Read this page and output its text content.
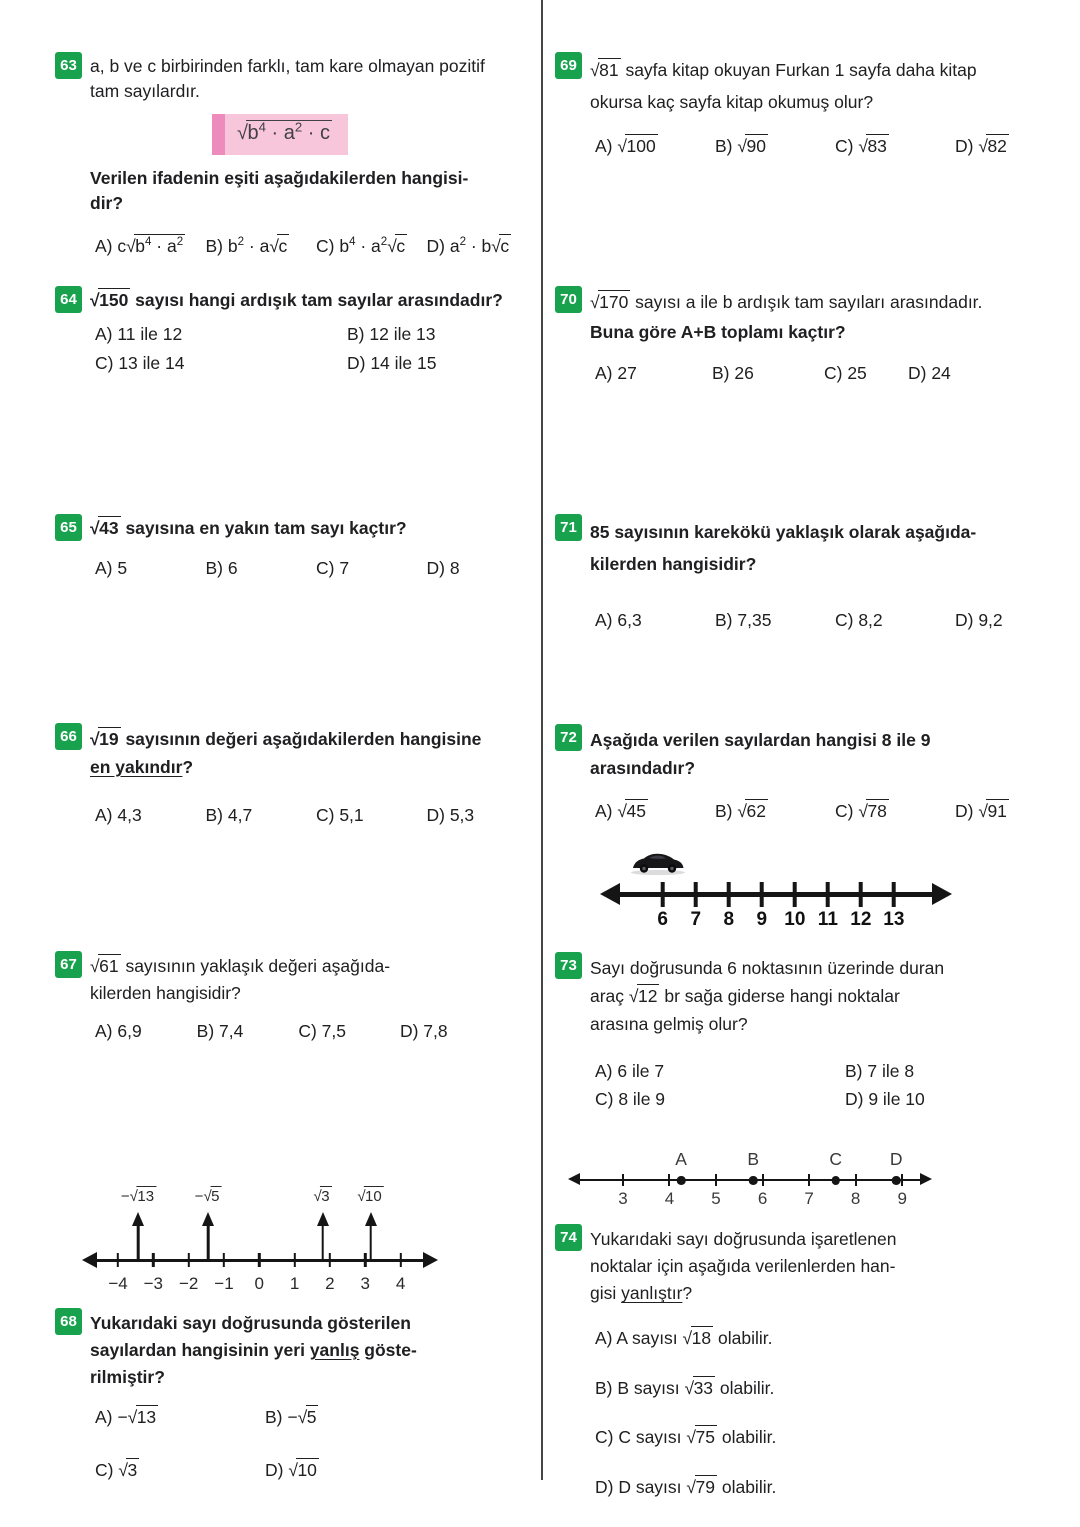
63 a, b ve c birbirinden farklı, tam kare olmayan pozitif
tam sayılardır.
$√b^4 \cdot a^2 \cdot c$
Verilen ifadenin eşiti aşağıdakilerden hangisi-
dir?
A) $c√b^4 \cdot a^2$	B) $b^2 \cdot a√c$	C) $b^4 \cdot a^2√c$	D) $a^2 \cdot b√c$
64 √150 sayısı hangi ardışık tam sayılar arasındadır?
A) 11 ile 12	B) 12 ile 13
C) 13 ile 14	D) 14 ile 15
65 √43 sayısına en yakın tam sayı kaçtır?
A) 5	B) 6	C) 7	D) 8
66 √19 sayısının değeri aşağıdakilerden hangisine
en yakındır?
A) 4,3	B) 4,7	C) 5,1	D) 5,3
67 √61 sayısının yaklaşık değeri aşağıda-
kilerden hangisidir?
A) 6,9	B) 7,4	C) 7,5	D) 7,8
−4 −3 −2 −1 0 1 2 3 4
−√13	−√5	√3 √10
68 Yukarıdaki sayı doğrusunda gösterilen
sayılardan hangisinin yeri yanlış göste-
rilmiştir?
A) −√13	B) −√5
C) √3	D) √10
69 √81 sayfa kitap okuyan Furkan 1 sayfa daha kitap
okursa kaç sayfa kitap okumuş olur?
A) √100	B) √90	C) √83	D) √82
70 √170 sayısı a ile b ardışık tam sayıları arasındadır.
Buna göre A+B toplamı kaçtır?
A) 27	B) 26	C) 25	D) 24
71 85 sayısının karekökü yaklaşık olarak aşağıda-
kilerden hangisidir?
A) 6,3	B) 7,35	C) 8,2	D) 9,2
72 Aşağıda verilen sayılardan hangisi 8 ile 9
arasındadır?
A) √45	B) √62	C) √78	D) √91
6 7 8 9 10 11 12 13
73 Sayı doğrusunda 6 noktasının üzerinde duran
araç √12 br sağa giderse hangi noktalar
arasına gelmiş olur?
A) 6 ile 7	B) 7 ile 8
C) 8 ile 9	D) 9 ile 10
3 4 5 6 7 8 9
A	B	C	D
74 Yukarıdaki sayı doğrusunda işaretlenen
noktalar için aşağıda verilenlerden han-
gisi yanlıştır?
A) A sayısı √18 olabilir.
B) B sayısı √33 olabilir.
C) C sayısı √75 olabilir.
D) D sayısı √79 olabilir.
